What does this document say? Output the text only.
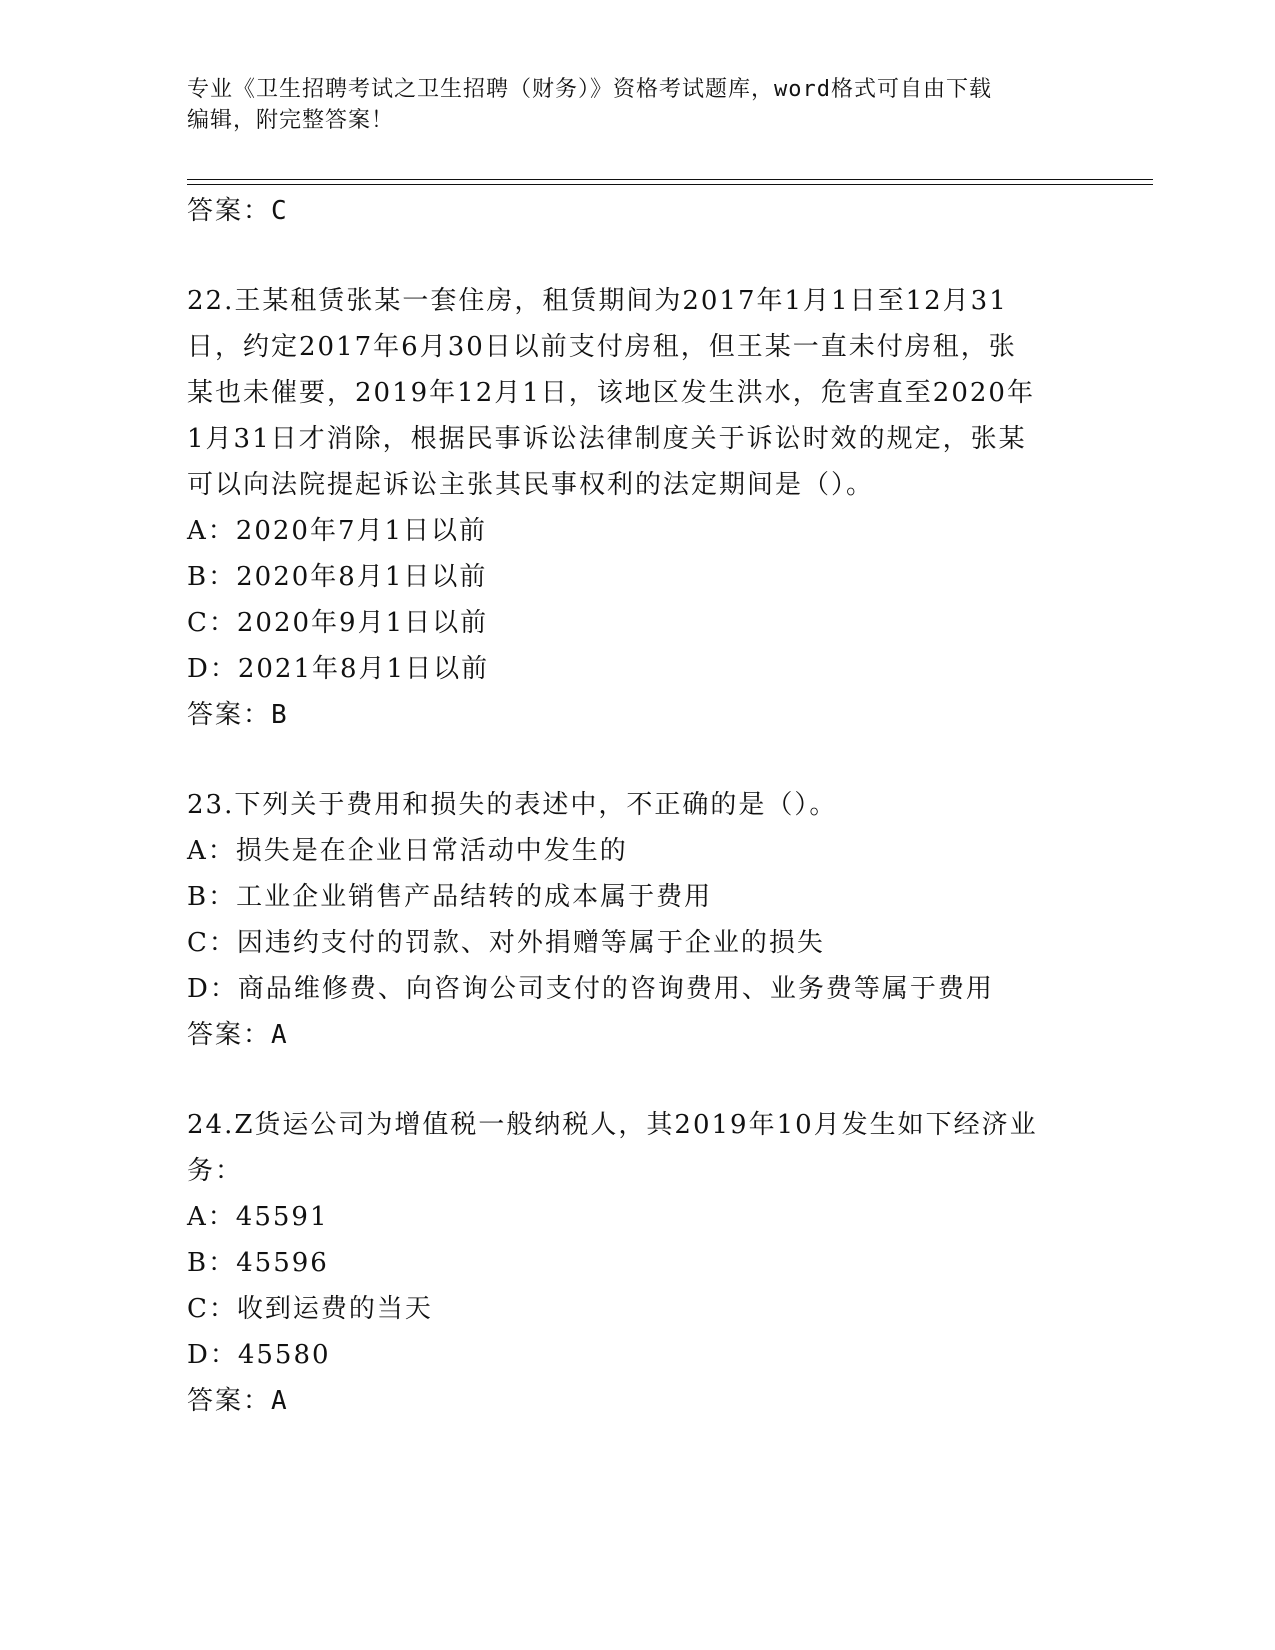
专业《卫生招聘考试之卫生招聘（财务）》资格考试题库，word格式可自由下载
编辑，附完整答案！
答案：C
22.王某租赁张某一套住房，租赁期间为2017年1月1日至12月31
日，约定2017年6月30日以前支付房租，但王某一直未付房租，张
某也未催要，2019年12月1日，该地区发生洪水，危害直至2020年
1月31日才消除，根据民事诉讼法律制度关于诉讼时效的规定，张某
可以向法院提起诉讼主张其民事权利的法定期间是（）。
A：2020年7月1日以前
B：2020年8月1日以前
C：2020年9月1日以前
D：2021年8月1日以前
答案：B
23.下列关于费用和损失的表述中，不正确的是（）。
A：损失是在企业日常活动中发生的
B：工业企业销售产品结转的成本属于费用
C：因违约支付的罚款、对外捐赠等属于企业的损失
D：商品维修费、向咨询公司支付的咨询费用、业务费等属于费用
答案：A
24.Z货运公司为增值税一般纳税人，其2019年10月发生如下经济业
务：
A：45591
B：45596
C：收到运费的当天
D：45580
答案：A
